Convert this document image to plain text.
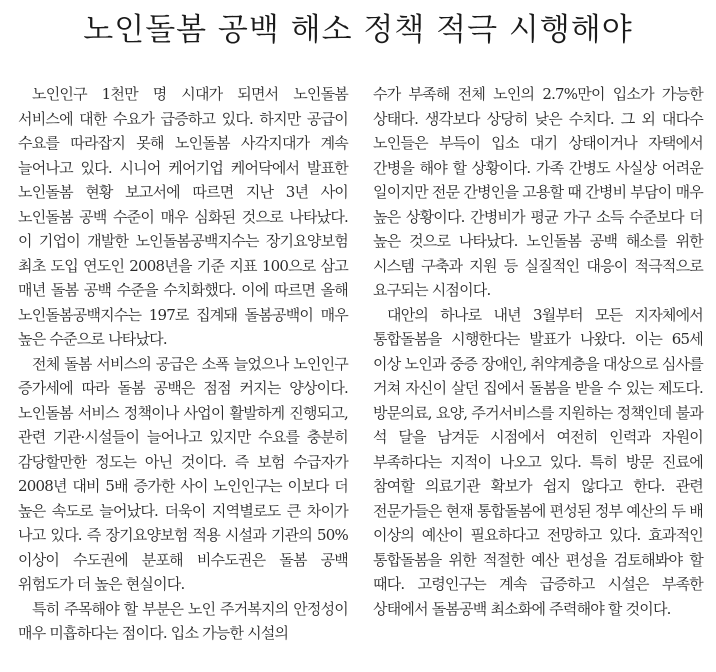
노인돌봄 공백 해소 정책 적극 시행해야

노인인구 1천만 명 시대가 되면서 노인돌봄 서비스에 대한 수요가 급증하고 있다. 하지만 공급이 수요를 따라잡지 못해 노인돌봄 사각지대가 계속 늘어나고 있다. 시니어 케어기업 케어닥에서 발표한 노인돌봄 현황 보고서에 따르면 지난 3년 사이 노인돌봄 공백 수준이 매우 심화된 것으로 나타났다. 이 기업이 개발한 노인돌봄공백지수는 장기요양보험 최초 도입 연도인 2008년을 기준 지표 100으로 삼고 매년 돌봄 공백 수준을 수치화했다. 이에 따르면 올해 노인돌봄공백지수는 197로 집계돼 돌봄공백이 매우 높은 수준으로 나타났다.

전체 돌봄 서비스의 공급은 소폭 늘었으나 노인인구 증가세에 따라 돌봄 공백은 점점 커지는 양상이다. 노인돌봄 서비스 정책이나 사업이 활발하게 진행되고, 관련 기관·시설들이 늘어나고 있지만 수요를 충분히 감당할만한 정도는 아닌 것이다. 즉 보험 수급자가 2008년 대비 5배 증가한 사이 노인인구는 이보다 더 높은 속도로 늘어났다. 더욱이 지역별로도 큰 차이가 나고 있다. 즉 장기요양보험 적용 시설과 기관의 50% 이상이 수도권에 분포해 비수도권은 돌봄 공백 위험도가 더 높은 현실이다.

특히 주목해야 할 부분은 노인 주거복지의 안정성이 매우 미흡하다는 점이다. 입소 가능한 시설의

수가 부족해 전체 노인의 2.7%만이 입소가 가능한 상태다. 생각보다 상당히 낮은 수치다. 그 외 대다수 노인들은 부득이 입소 대기 상태이거나 자택에서 간병을 해야 할 상황이다. 가족 간병도 사실상 어려운 일이지만 전문 간병인을 고용할 때 간병비 부담이 매우 높은 상황이다. 간병비가 평균 가구 소득 수준보다 더 높은 것으로 나타났다. 노인돌봄 공백 해소를 위한 시스템 구축과 지원 등 실질적인 대응이 적극적으로 요구되는 시점이다.

대안의 하나로 내년 3월부터 모든 지자체에서 통합돌봄을 시행한다는 발표가 나왔다. 이는 65세 이상 노인과 중증 장애인, 취약계층을 대상으로 심사를 거쳐 자신이 살던 집에서 돌봄을 받을 수 있는 제도다. 방문의료, 요양, 주거서비스를 지원하는 정책인데 불과 석 달을 남겨둔 시점에서 여전히 인력과 자원이 부족하다는 지적이 나오고 있다. 특히 방문 진료에 참여할 의료기관 확보가 쉽지 않다고 한다. 관련 전문가들은 현재 통합돌봄에 편성된 정부 예산의 두 배 이상의 예산이 필요하다고 전망하고 있다. 효과적인 통합돌봄을 위한 적절한 예산 편성을 검토해봐야 할 때다. 고령인구는 계속 급증하고 시설은 부족한 상태에서 돌봄공백 최소화에 주력해야 할 것이다.
